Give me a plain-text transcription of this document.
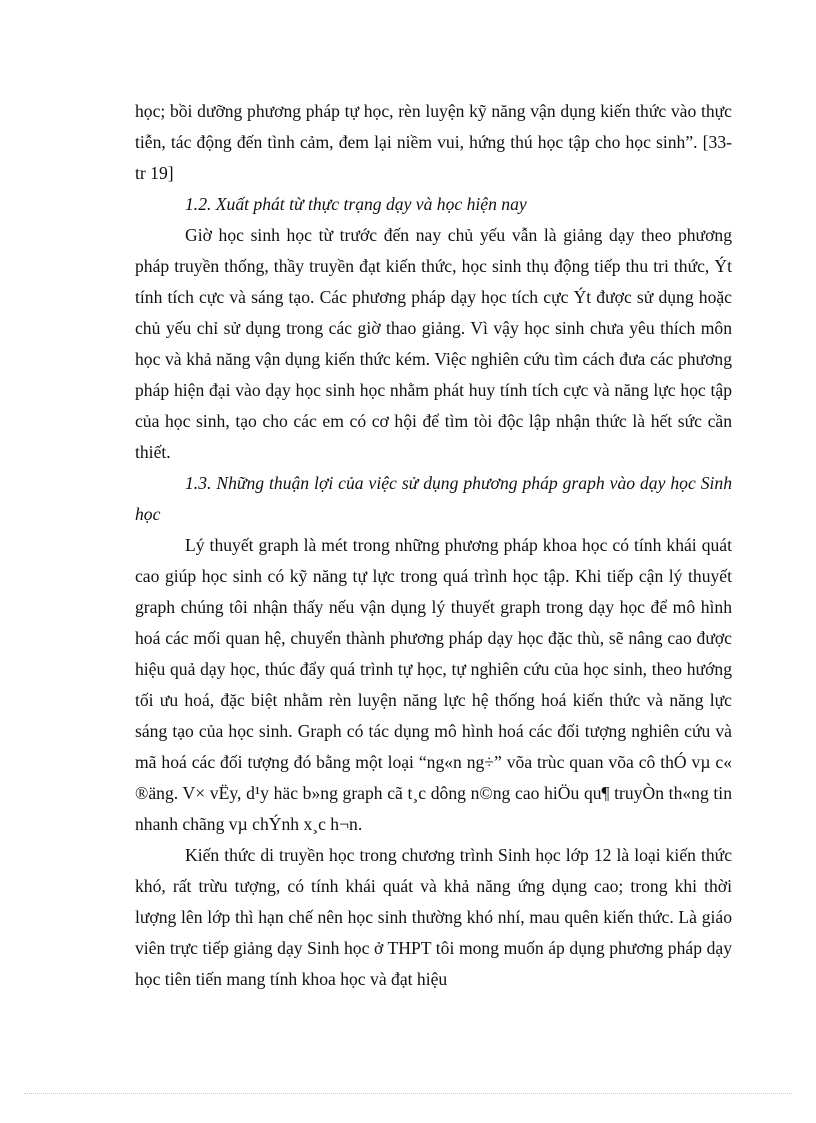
học; bồi dưỡng phương pháp tự học, rèn luyện kỹ năng vận dụng kiến thức vào thực tiễn, tác động đến tình cảm, đem lại niềm vui, hứng thú học tập cho học sinh”. [33- tr 19]

1.2. Xuất phát từ thực trạng dạy và học hiện nay

Giờ học sinh học từ trước đến nay chủ yếu vẫn là giảng dạy theo phương pháp truyền thống, thầy truyền đạt kiến thức, học sinh thụ động tiếp thu tri thức, Ýt tính tích cực và sáng tạo. Các phương pháp dạy học tích cực Ýt được sử dụng hoặc chủ yếu chỉ sử dụng trong các giờ thao giảng. Vì vậy học sinh chưa yêu thích môn học và khả năng vận dụng kiến thức kém. Việc nghiên cứu tìm cách đưa các phương pháp hiện đại vào dạy học sinh học nhằm phát huy tính tích cực và năng lực học tập của học sinh, tạo cho các em có cơ hội để tìm tòi độc lập nhận thức là hết sức cần thiết.

1.3. Những thuận lợi của việc sử dụng phương pháp graph vào dạy học Sinh học

Lý thuyết graph là mét trong những phương pháp khoa học có tính khái quát cao giúp học sinh có kỹ năng tự lực trong quá trình học tập. Khi tiếp cận lý thuyết graph chúng tôi nhận thấy nếu vận dụng lý thuyết graph trong dạy học để mô hình hoá các mối quan hệ, chuyển thành phương pháp dạy học đặc thù, sẽ nâng cao được hiệu quả dạy học, thúc đẩy quá trình tự học, tự nghiên cứu của học sinh, theo hướng tối ưu hoá, đặc biệt nhằm rèn luyện năng lực hệ thống hoá kiến thức và năng lực sáng tạo của học sinh. Graph có tác dụng mô hình hoá các đối tượng nghiên cứu và mã hoá các đối tượng đó bằng một loại “ng«n ng÷” võa trùc quan võa cô thÓ vµ c« ®äng. V× vËy, d¹y häc b»ng graph cã t¸c dông n©ng cao hiÖu qu¶ truyÒn th«ng tin nhanh chãng vµ chÝnh x¸c h¬n.

Kiến thức di truyền học trong chương trình Sinh học lớp 12 là loại kiến thức khó, rất trừu tượng, có tính khái quát và khả năng ứng dụng cao; trong khi thời lượng lên lớp thì hạn chế nên học sinh thường khó nhí, mau quên kiến thức. Là giáo viên trực tiếp giảng dạy Sinh học ở THPT tôi mong muốn áp dụng phương pháp dạy học tiên tiến mang tính khoa học và đạt hiệu
